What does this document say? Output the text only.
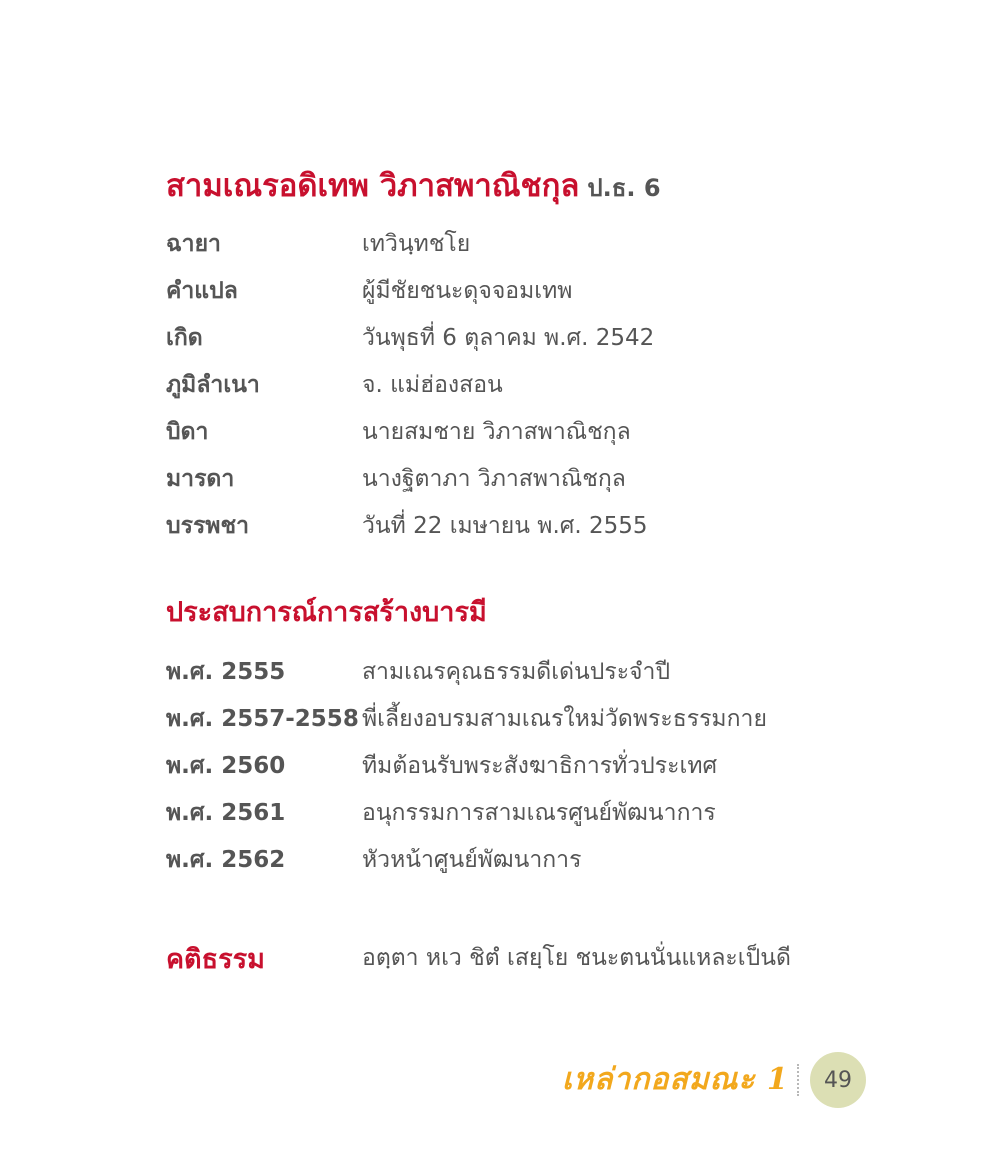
สามเณรอดิเทพ วิภาสพาณิชกุล ป.ธ. 6
ฉายา	เทวินฺทชโย
คำแปล	ผู้มีชัยชนะดุจจอมเทพ
เกิด	วันพุธที่ 6 ตุลาคม พ.ศ. 2542
ภูมิลำเนา	จ. แม่ฮ่องสอน
บิดา	นายสมชาย วิภาสพาณิชกุล
มารดา	นางฐิตาภา วิภาสพาณิชกุล
บรรพชา	วันที่ 22 เมษายน พ.ศ. 2555
ประสบการณ์การสร้างบารมี
พ.ศ. 2555	สามเณรคุณธรรมดีเด่นประจำปี
พ.ศ. 2557-2558 พี่เลี้ยงอบรมสามเณรใหม่วัดพระธรรมกาย
พ.ศ. 2560	ทีมต้อนรับพระสังฆาธิการทั่วประเทศ
พ.ศ. 2561	อนุกรรมการสามเณรศูนย์พัฒนาการ
พ.ศ. 2562	หัวหน้าศูนย์พัฒนาการ
คติธรรม	อตฺตา หเว ชิตํ เสยฺโย ชนะตนนั่นแหละเป็นดี
เหล่ากอสมณะ 1 49
